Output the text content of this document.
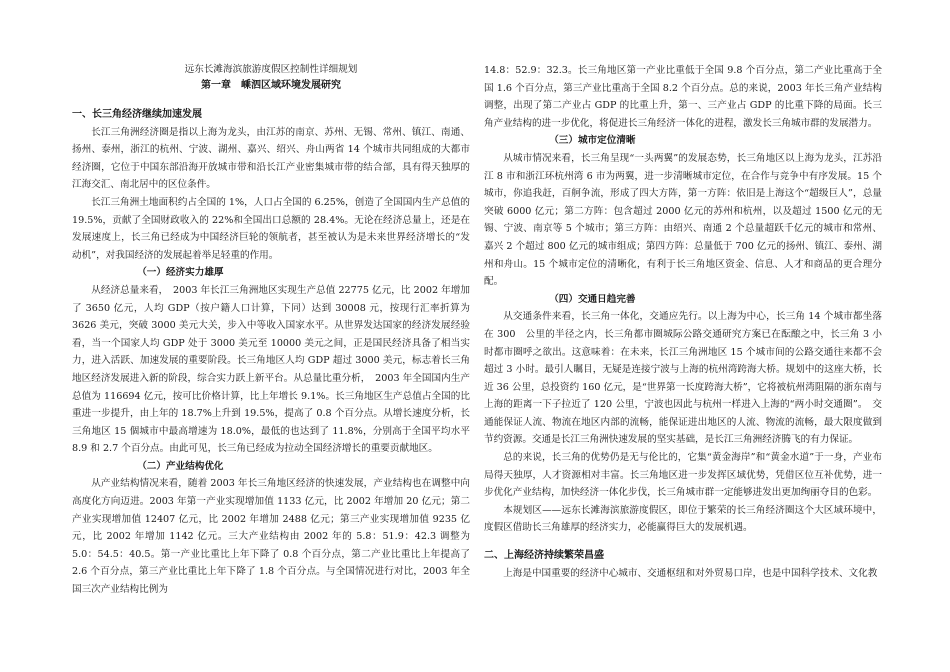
远东长滩海滨旅游度假区控制性详细规划
第一章　嵊泗区域环境发展研究

一、长三角经济继续加速发展

长江三角洲经济圈是指以上海为龙头，由江苏的南京、苏州、无锡、常州、镇江、南通、扬州、泰州，浙江的杭州、宁波、湖州、嘉兴、绍兴、舟山两省 14 个城市共同组成的大都市经济圈，它位于中国东部沿海开放城市带和沿长江产业密集城市带的结合部，具有得天独厚的江海交汇、南北居中的区位条件。

长江三角洲土地面积约占全国的 1%，人口占全国的 6.25%，创造了全国国内生产总值的 19.5%，贡献了全国财政收入的 22%和全国出口总额的 28.4%。无论在经济总量上，还是在发展速度上，长三角已经成为中国经济巨轮的领航者，甚至被认为是未来世界经济增长的“发动机”，对我国经济的发展起着举足轻重的作用。

（一）经济实力雄厚

从经济总量来看，　2003 年长江三角洲地区实现生产总值 22775 亿元，比 2002 年增加了 3650 亿元，人均 GDP（按户籍人口计算，下同）达到 30008 元，按现行汇率折算为 3626 美元，突破 3000 美元大关，步入中等收入国家水平。从世界发达国家的经济发展经验看，当一个国家人均 GDP 处于 3000 美元至 10000 美元之间，正是国民经济具备了相当实力，进入活跃、加速发展的重要阶段。长三角地区人均 GDP 超过 3000 美元，标志着长三角地区经济发展进入新的阶段，综合实力跃上新平台。从总量比重分析，　2003 年全国国内生产总值为 116694 亿元，按可比价格计算，比上年增长 9.1%。长三角地区生产总值占全国的比重进一步提升，由上年的 18.7%上升到 19.5%，提高了 0.8 个百分点。从增长速度分析，长三角地区 15 個城市中最高增速为 18.0%，最低的也达到了 11.8%，分别高于全国平均水平 8.9 和 2.7 个百分点。由此可见，长三角已经成为拉动全国经济增长的重要贡献地区。

（二）产业结构优化

从产业结构情况来看，随着 2003 年长三角地区经济的快速发展，产业结构也在调整中向高度化方向迈进。2003 年第一产业实现增加值 1133 亿元，比 2002 年增加 20 亿元；第二产业实现增加值 12407 亿元，比 2002 年增加 2488 亿元；第三产业实现增加值 9235 亿元，比 2002 年增加 1142 亿元。三大产业结构由 2002 年的 5.8：51.9：42.3 调整为 5.0：54.5：40.5。第一产业比重比上年下降了 0.8 个百分点，第二产业比重比上年提高了 2.6 个百分点，第三产业比重比上年下降了 1.8 个百分点。与全国情况进行对比，2003 年全国三次产业结构比例为

14.8：52.9：32.3。长三角地区第一产业比重低于全国 9.8 个百分点，第二产业比重高于全国 1.6 个百分点，第三产业比重高于全国 8.2 个百分点。总的来说，2003 年长三角产业结构调整，出现了第二产业占 GDP 的比重上升，第一、三产业占 GDP 的比重下降的局面。长三角产业结构的进一步优化，将促进长三角经济一体化的进程，激发长三角城市群的发展潜力。

（三）城市定位清晰

从城市情况来看，长三角呈现“一头两翼”的发展态势，长三角地区以上海为龙头，江苏沿江 8 市和浙江环杭州湾 6 市为两翼，进一步清晰城市定位，在合作与竞争中有序发展。15 个城市，你追我赶，百舸争流，形成了四大方阵，第一方阵：依旧是上海这个“超级巨人”，总量突破 6000 亿元；第二方阵：包含超过 2000 亿元的苏州和杭州，以及超过 1500 亿元的无锡、宁波、南京等 5 个城市；第三方阵：由绍兴、南通 2 个总量超跃千亿元的城市和常州、嘉兴 2 个超过 800 亿元的城市组成；第四方阵：总量低于 700 亿元的扬州、镇江、泰州、湖州和舟山。15 个城市定位的清晰化，有利于长三角地区资金、信息、人才和商品的更合理分配。

（四）交通日趋完善

从交通条件来看，长三角一体化，交通应先行。以上海为中心，长三角 14 个城市都坐落在 300　公里的半径之内，长三角都市圈城际公路交通研究方案已在酝酿之中，长三角 3 小时都市圈呼之欲出。这意味着：在未来，长江三角洲地区 15 个城市间的公路交通往来都不会超过 3 小时。最引人瞩目，无疑是连接宁波与上海的杭州湾跨海大桥。规划中的这座大桥，长近 36 公里，总投资约 160 亿元，是“世界第一长度跨海大桥”，它将被杭州湾阻隔的浙东南与上海的距离一下子拉近了 120 公里，宁波也因此与杭州一样进入上海的“两小时交通圈”。　交通能保证人流、物流在地区内部的流畅，能保证进出地区的人流、物流的流畅，最大限度做到节约资源。交通是长江三角洲快速发展的坚实基础，是长江三角洲经济腾飞的有力保证。

总的来说，长三角的优势仍是无与伦比的，它集“黄金海岸”和“黄金水道”于一身，产业布局得天独厚，人才资源相对丰富。长三角地区进一步发挥区域优势，凭借区位互补优势，进一步优化产业结构，加快经济一体化步伐，长三角城市群一定能够进发出更加绚丽夺目的色彩。

本规划区——远东长滩海滨旅游度假区，即位于繁荣的长三角经济圈这个大区域环境中，度假区借助长三角雄厚的经济实力，必能赢得巨大的发展机遇。

二、上海经济持续繁荣昌盛

上海是中国重要的经济中心城市、交通枢纽和对外贸易口岸，也是中国科学技术、文化教
